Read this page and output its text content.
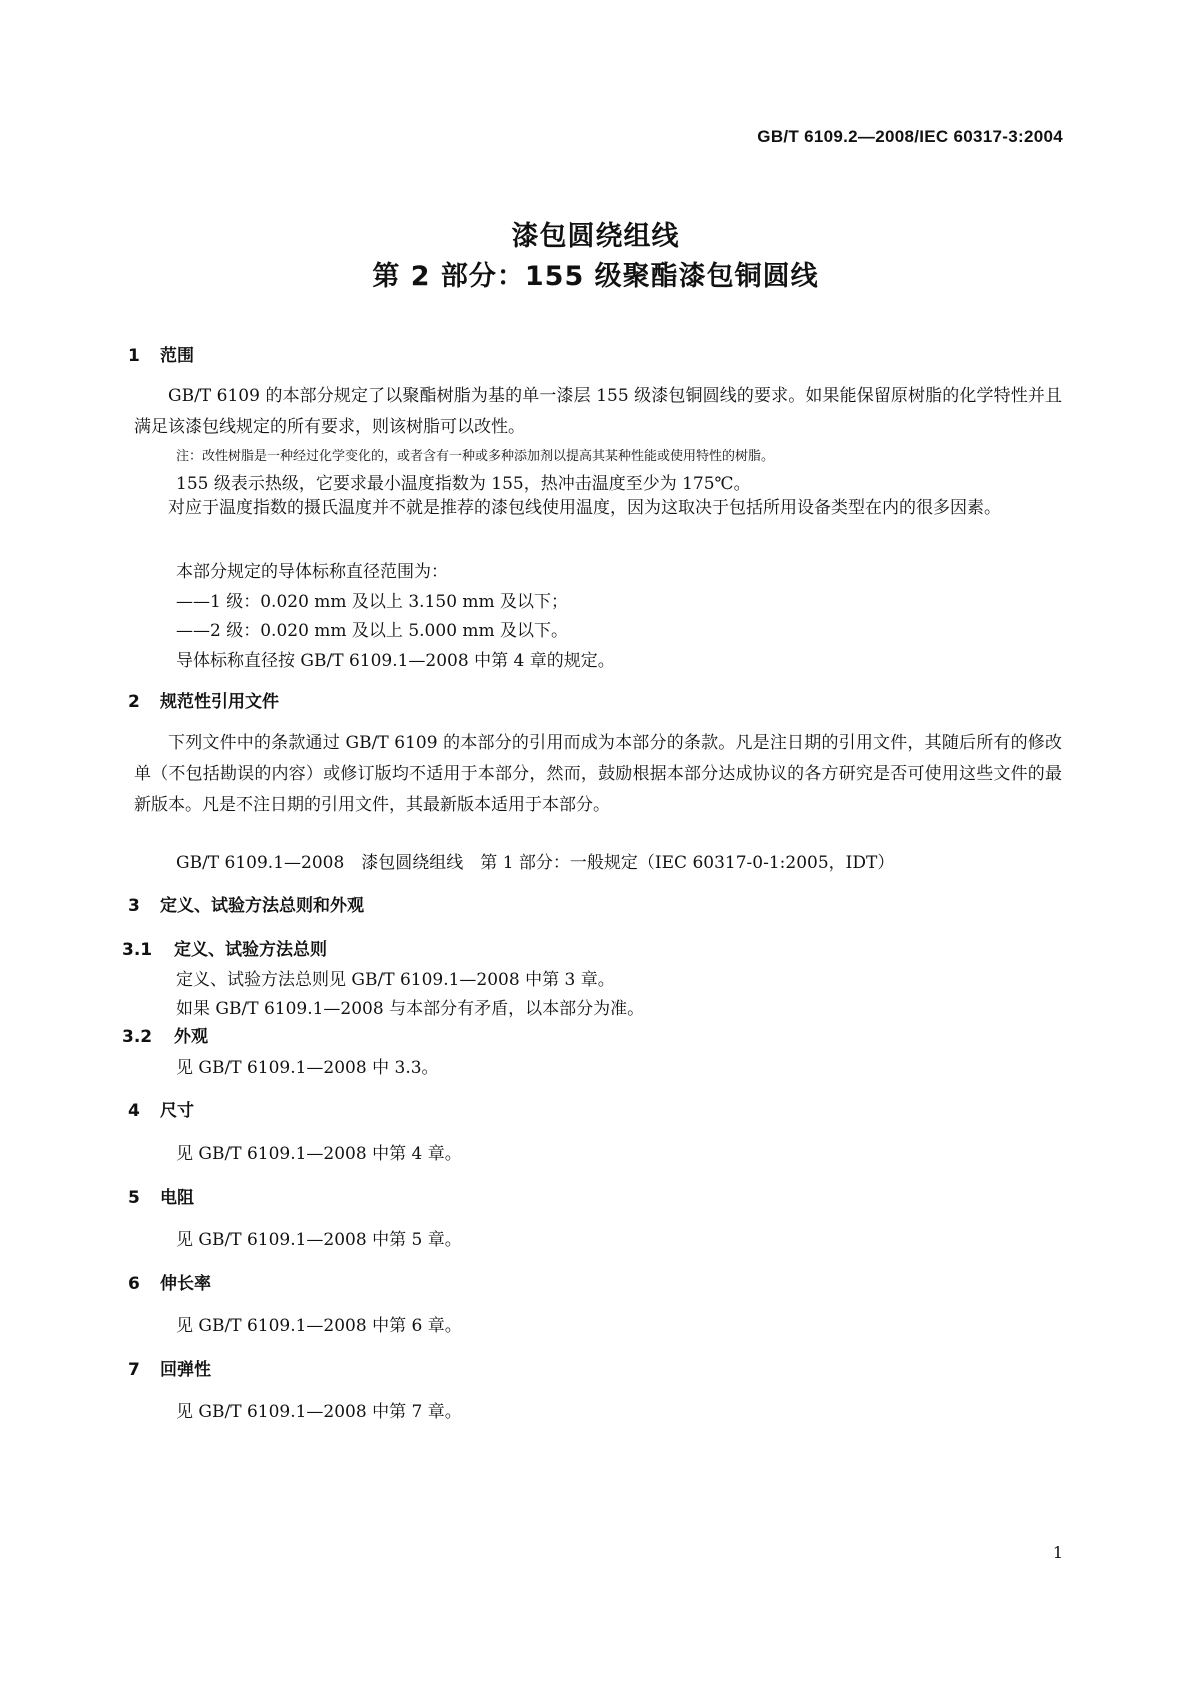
GB/T 6109.2—2008/IEC 60317-3:2004
漆包圆绕组线
第 2 部分：155 级聚酯漆包铜圆线
1 范围
GB/T 6109 的本部分规定了以聚酯树脂为基的单一漆层 155 级漆包铜圆线的要求。如果能保留原树脂的化学特性并且满足该漆包线规定的所有要求，则该树脂可以改性。
注：改性树脂是一种经过化学变化的，或者含有一种或多种添加剂以提高其某种性能或使用特性的树脂。
155 级表示热级，它要求最小温度指数为 155，热冲击温度至少为 175℃。
对应于温度指数的摄氏温度并不就是推荐的漆包线使用温度，因为这取决于包括所用设备类型在内的很多因素。
本部分规定的导体标称直径范围为：
——1 级：0.020 mm 及以上 3.150 mm 及以下；
——2 级：0.020 mm 及以上 5.000 mm 及以下。
导体标称直径按 GB/T 6109.1—2008 中第 4 章的规定。
2 规范性引用文件
下列文件中的条款通过 GB/T 6109 的本部分的引用而成为本部分的条款。凡是注日期的引用文件，其随后所有的修改单（不包括勘误的内容）或修订版均不适用于本部分，然而，鼓励根据本部分达成协议的各方研究是否可使用这些文件的最新版本。凡是不注日期的引用文件，其最新版本适用于本部分。
GB/T 6109.1—2008　漆包圆绕组线　第 1 部分：一般规定（IEC 60317-0-1:2005，IDT）
3 定义、试验方法总则和外观
3.1 定义、试验方法总则
定义、试验方法总则见 GB/T 6109.1—2008 中第 3 章。
如果 GB/T 6109.1—2008 与本部分有矛盾，以本部分为准。
3.2 外观
见 GB/T 6109.1—2008 中 3.3。
4 尺寸
见 GB/T 6109.1—2008 中第 4 章。
5 电阻
见 GB/T 6109.1—2008 中第 5 章。
6 伸长率
见 GB/T 6109.1—2008 中第 6 章。
7 回弹性
见 GB/T 6109.1—2008 中第 7 章。
1
